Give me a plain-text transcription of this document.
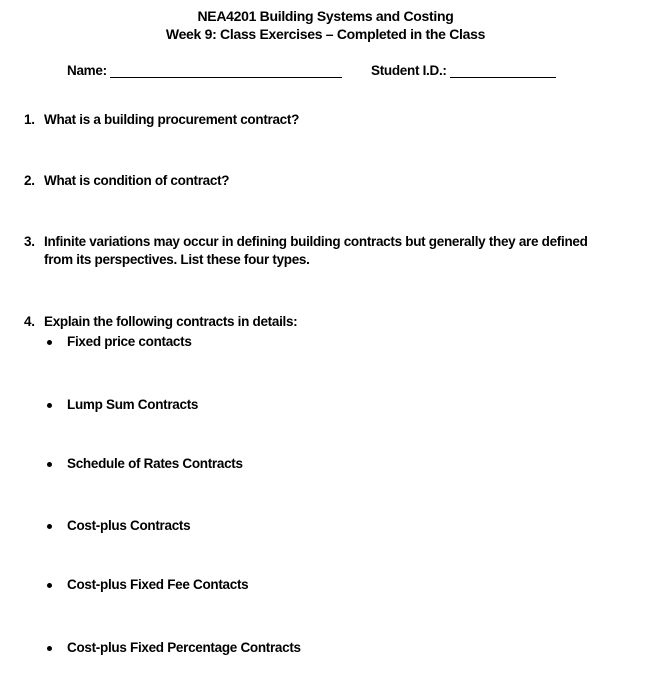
NEA4201 Building Systems and Costing
Week 9: Class Exercises – Completed in the Class
Name:	Student I.D.:
1. What is a building procurement contract?
2. What is condition of contract?
3. Infinite variations may occur in defining building contracts but generally they are defined from its perspectives. List these four types.
4. Explain the following contracts in details:
Fixed price contacts
Lump Sum Contracts
Schedule of Rates Contracts
Cost-plus Contracts
Cost-plus Fixed Fee Contacts
Cost-plus Fixed Percentage Contracts
